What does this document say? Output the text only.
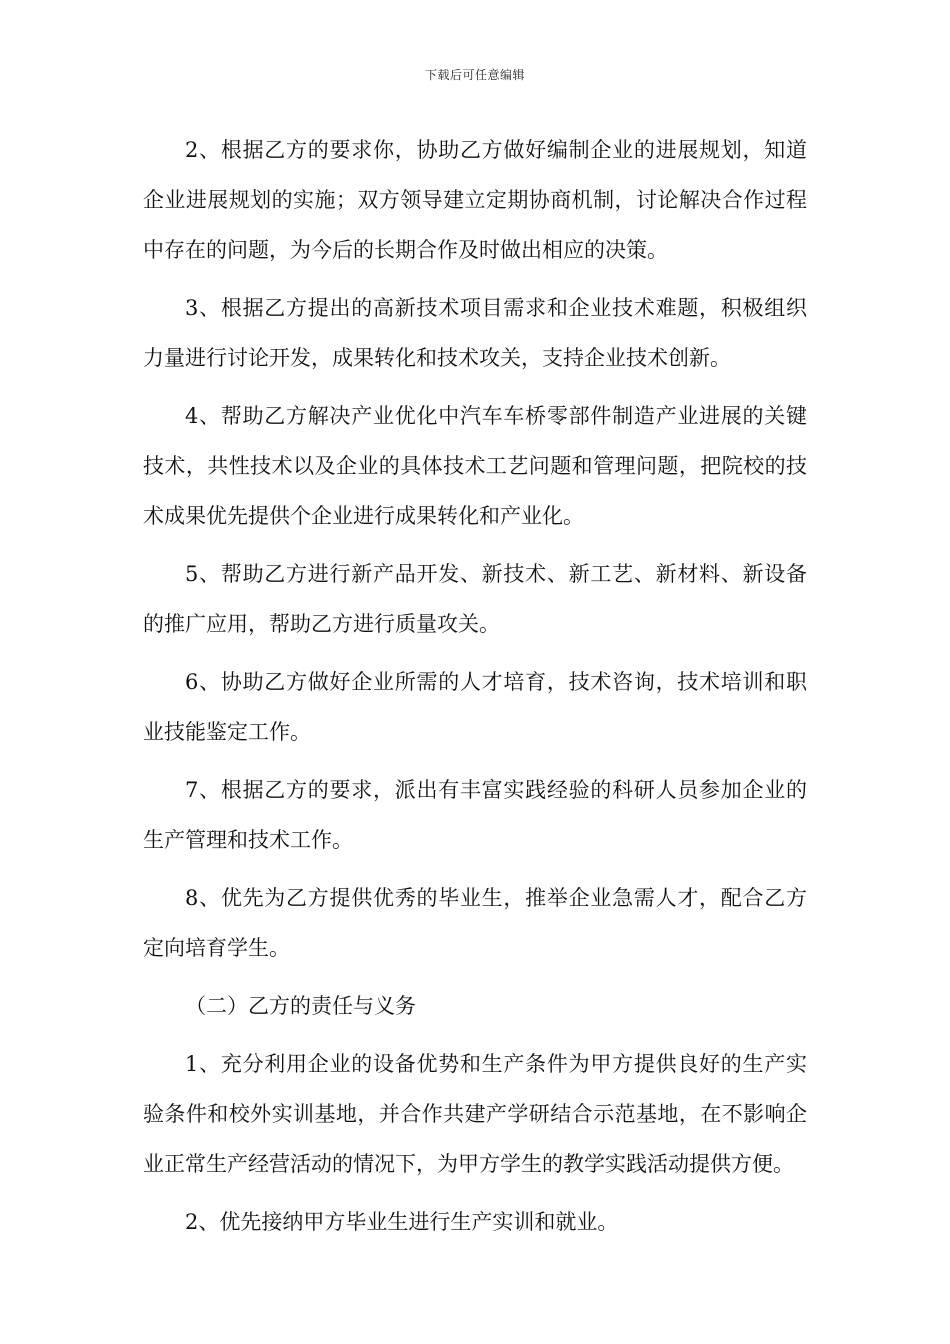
下载后可任意编辑

2、根据乙方的要求你，协助乙方做好编制企业的进展规划，知道企业进展规划的实施；双方领导建立定期协商机制，讨论解决合作过程中存在的问题，为今后的长期合作及时做出相应的决策。

3、根据乙方提出的高新技术项目需求和企业技术难题，积极组织力量进行讨论开发，成果转化和技术攻关，支持企业技术创新。

4、帮助乙方解决产业优化中汽车车桥零部件制造产业进展的关键技术，共性技术以及企业的具体技术工艺问题和管理问题，把院校的技术成果优先提供个企业进行成果转化和产业化。

5、帮助乙方进行新产品开发、新技术、新工艺、新材料、新设备的推广应用，帮助乙方进行质量攻关。

6、协助乙方做好企业所需的人才培育，技术咨询，技术培训和职业技能鉴定工作。

7、根据乙方的要求，派出有丰富实践经验的科研人员参加企业的生产管理和技术工作。

8、优先为乙方提供优秀的毕业生，推举企业急需人才，配合乙方定向培育学生。

（二）乙方的责任与义务

1、充分利用企业的设备优势和生产条件为甲方提供良好的生产实验条件和校外实训基地，并合作共建产学研结合示范基地，在不影响企业正常生产经营活动的情况下，为甲方学生的教学实践活动提供方便。

2、优先接纳甲方毕业生进行生产实训和就业。
